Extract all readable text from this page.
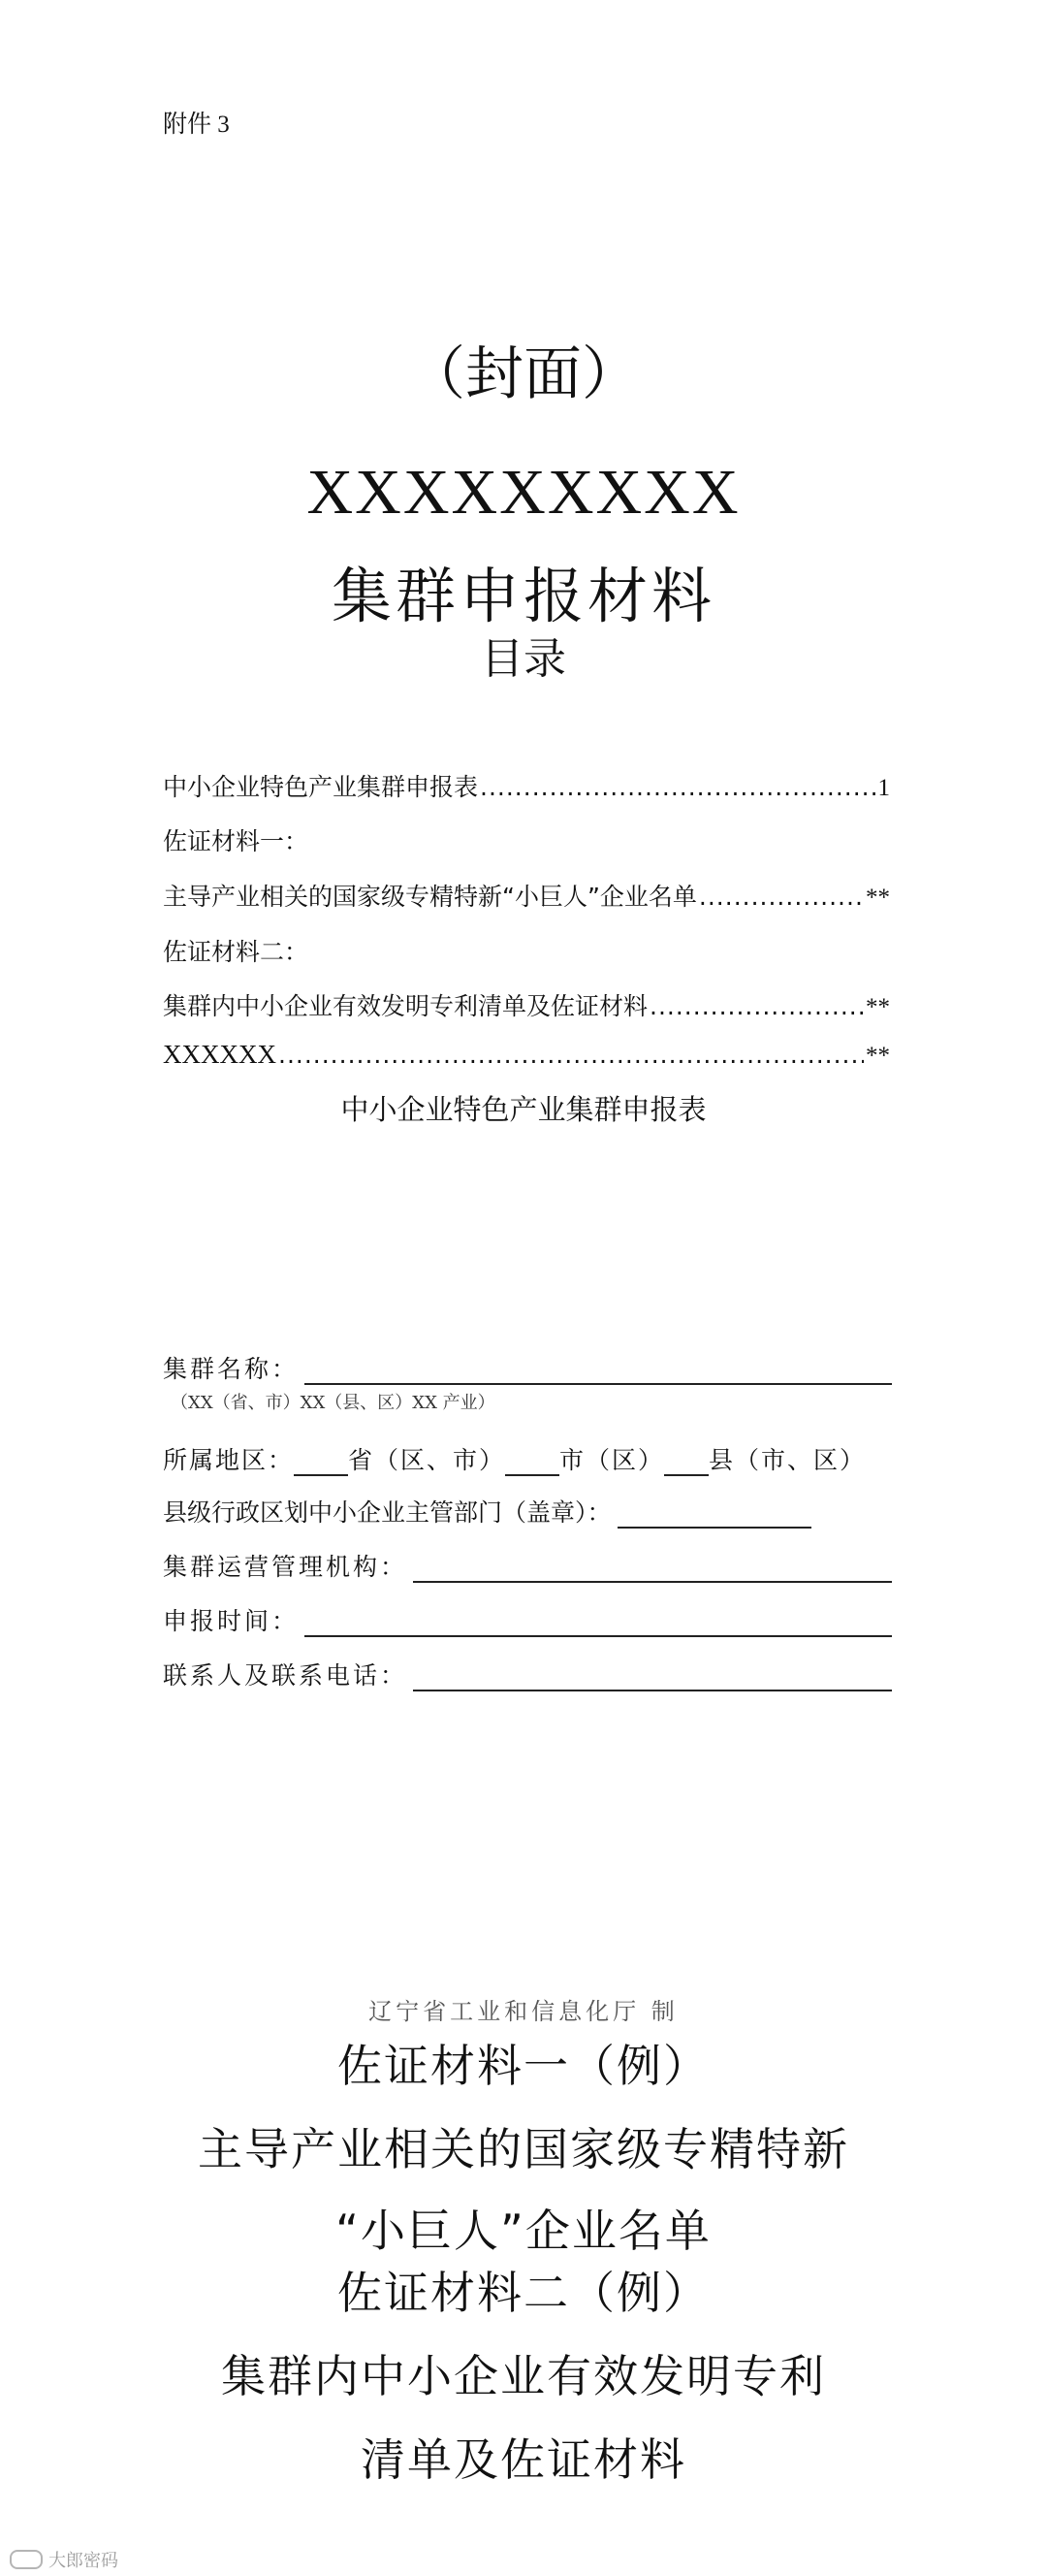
附件 3
（封面）
XXXXXXXXX
集群申报材料
目录
中小企业特色产业集群申报表 .....	1
佐证材料一：
主导产业相关的国家级专精特新“小巨人”企业名单 .....	**
佐证材料二：
集群内中小企业有效发明专利清单及佐证材料 .....	**
XXXXXX .....	**
中小企业特色产业集群申报表
集群名称：
（XX（省、市）XX（县、区）XX 产业）
所属地区： 省（区、市） 市（区） 县（市、区）
县级行政区划中小企业主管部门（盖章）：
集群运营管理机构：
申报时间：
联系人及联系电话：
辽宁省工业和信息化厅 制
佐证材料一（例）
主导产业相关的国家级专精特新
“小巨人”企业名单
佐证材料二（例）
集群内中小企业有效发明专利
清单及佐证材料
大郎密码
